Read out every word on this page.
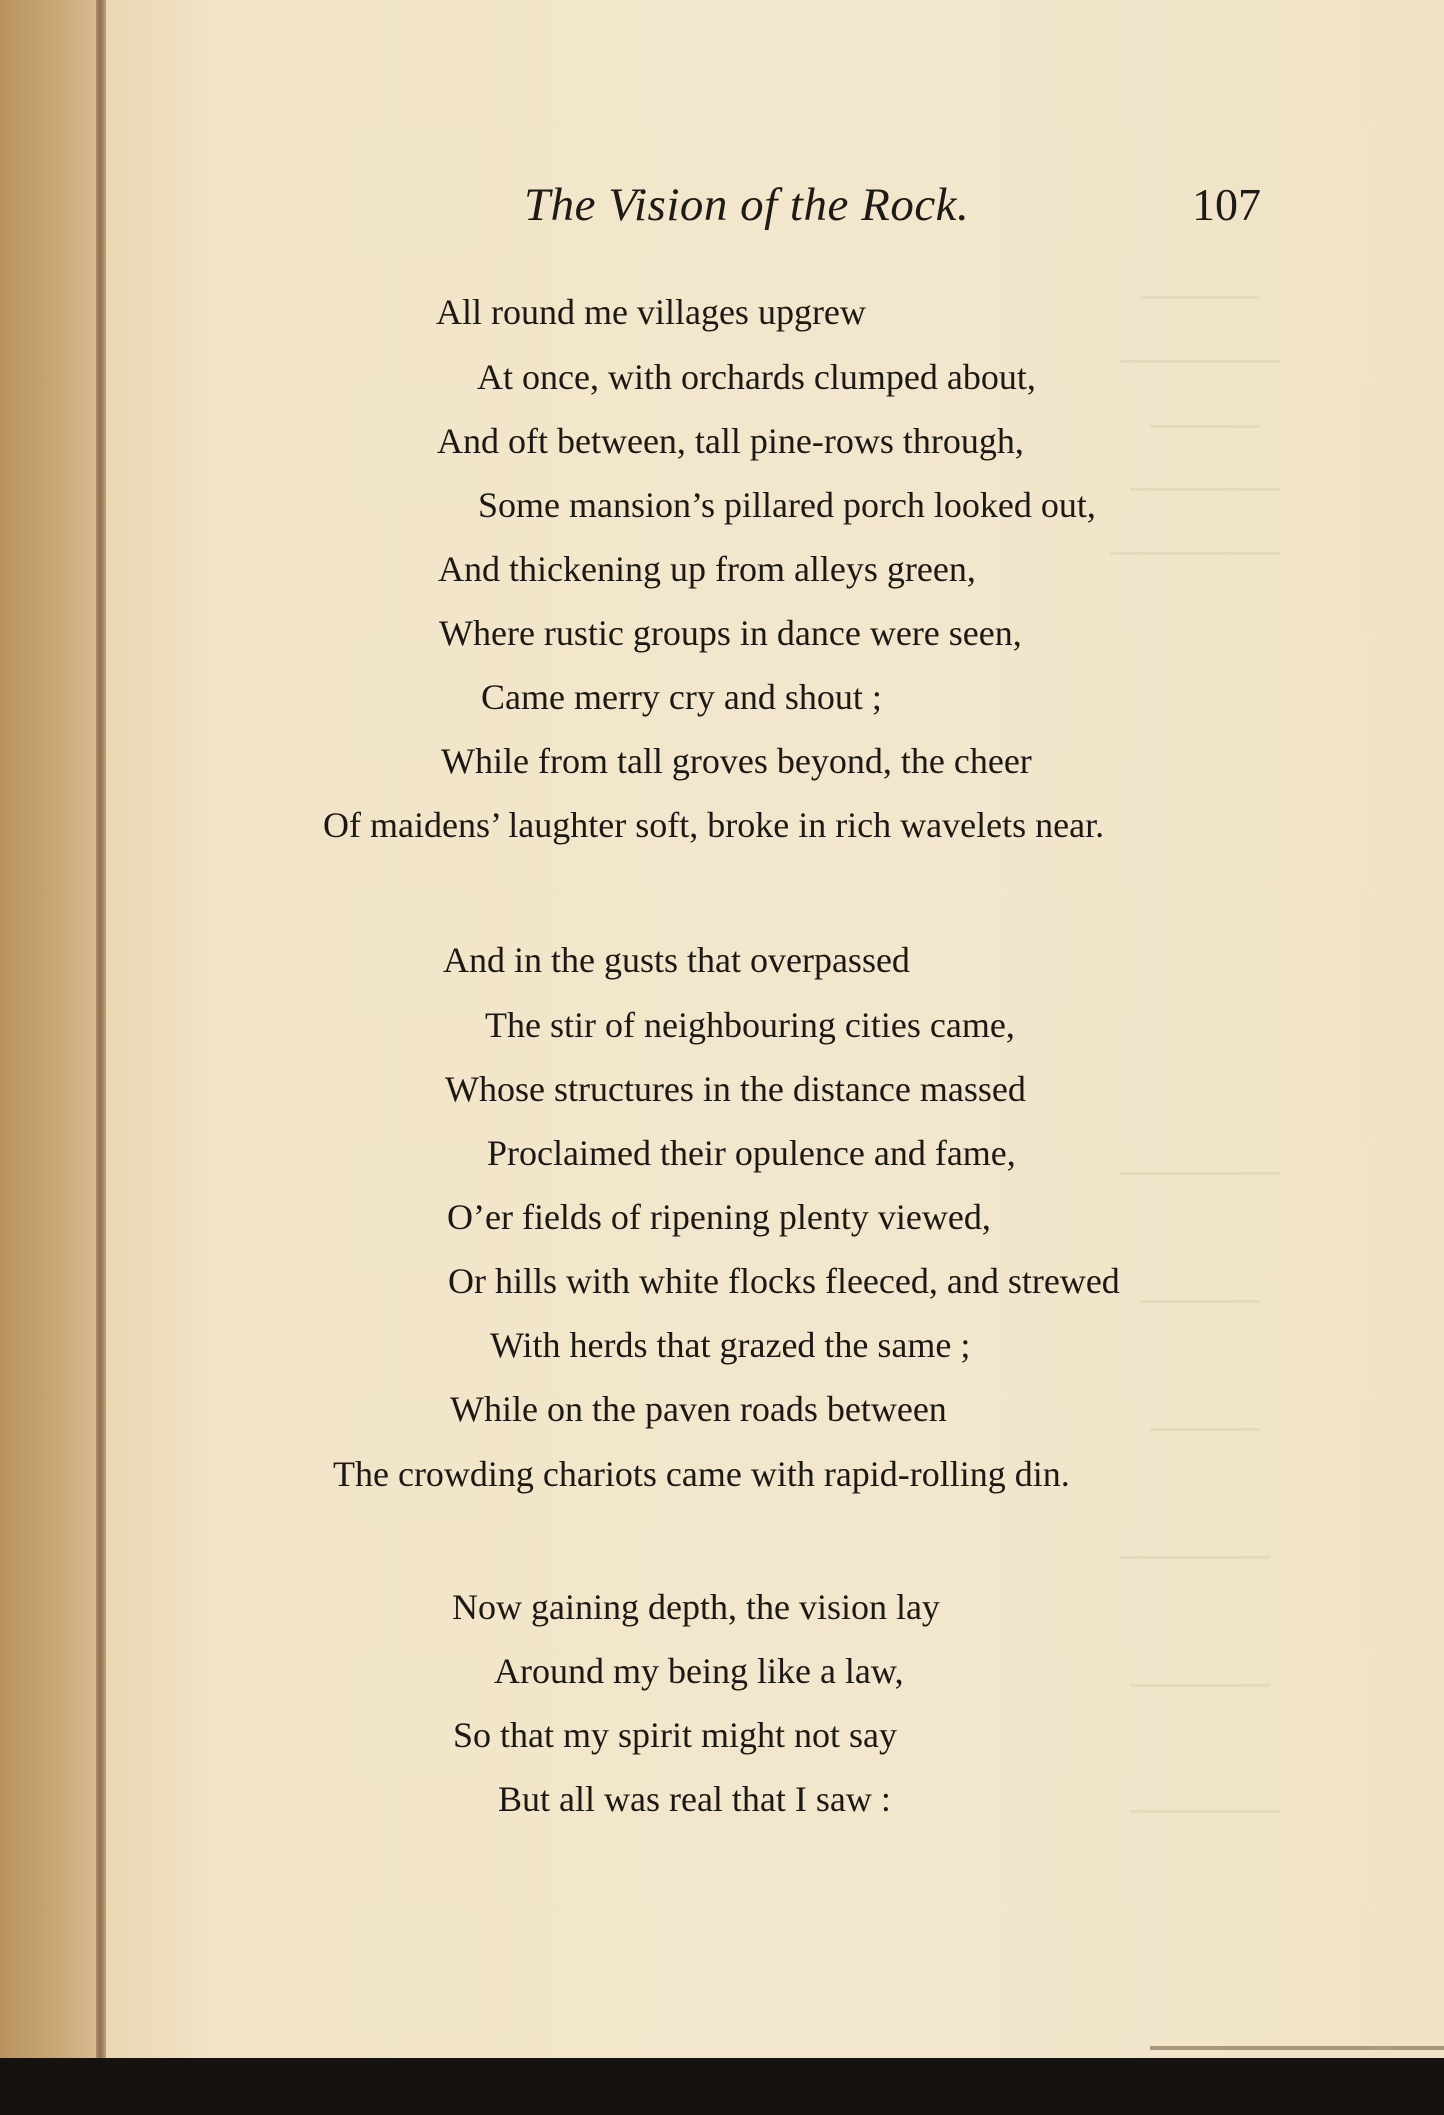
The Vision of the Rock.	107
All round me villages upgrew
At once, with orchards clumped about,
And oft between, tall pine-rows through,
Some mansion’s pillared porch looked out,
And thickening up from alleys green,
Where rustic groups in dance were seen,
Came merry cry and shout ;
While from tall groves beyond, the cheer
Of maidens’ laughter soft, broke in rich wavelets near.
And in the gusts that overpassed
The stir of neighbouring cities came,
Whose structures in the distance massed
Proclaimed their opulence and fame,
O’er fields of ripening plenty viewed,
Or hills with white flocks fleeced, and strewed
With herds that grazed the same ;
While on the paven roads between
The crowding chariots came with rapid-rolling din.
Now gaining depth, the vision lay
Around my being like a law,
So that my spirit might not say
But all was real that I saw :
